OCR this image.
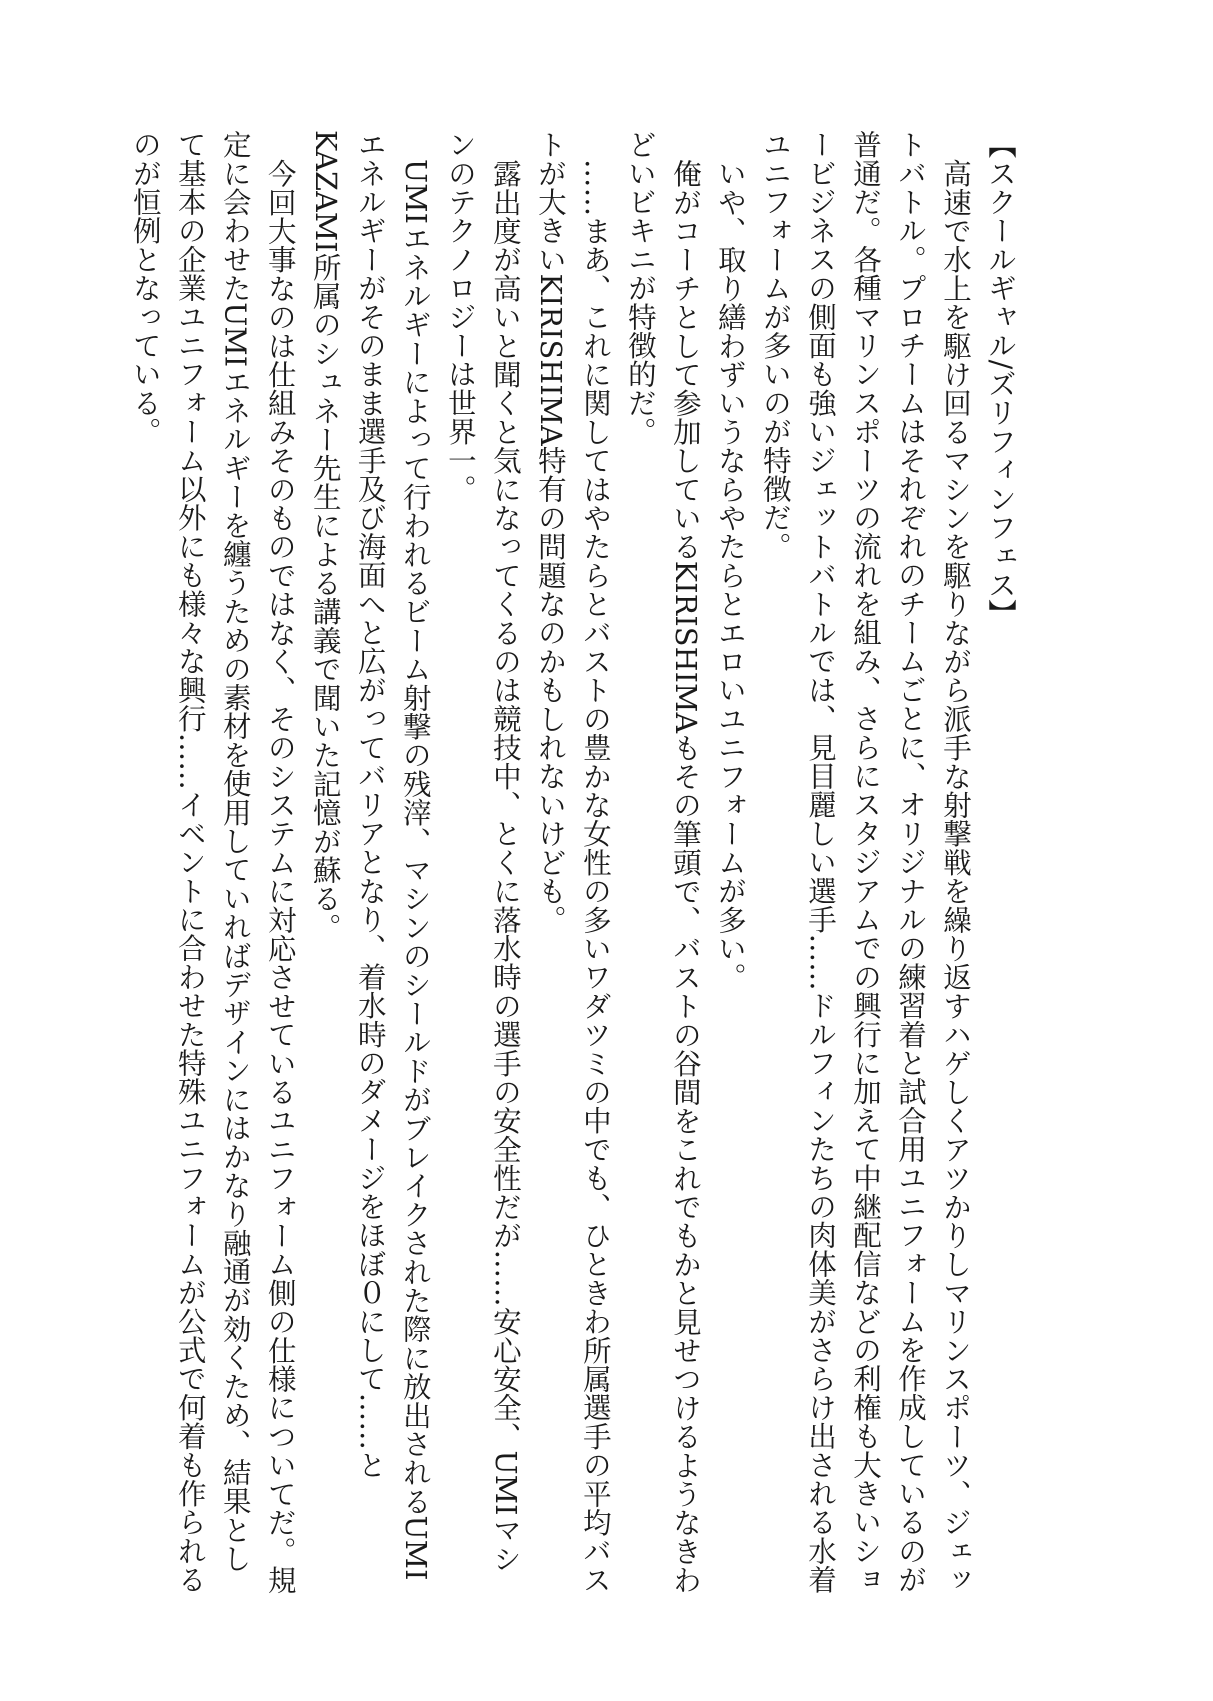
【スクールギャル/ズリフィンフェス】

高速で水上を駆け回るマシンを駆りながら派手な射撃戦を繰り返すハゲしくアツかりしマリンスポーツ、ジェットバトル。プロチームはそれぞれのチームごとに、オリジナルの練習着と試合用ユニフォームを作成しているのが普通だ。各種マリンスポーツの流れを組み、さらにスタジアムでの興行に加えて中継配信などの利権も大きいショービジネスの側面も強いジェットバトルでは、見目麗しい選手……ドルフィンたちの肉体美がさらけ出される水着ユニフォームが多いのが特徴だ。

いや、取り繕わずいうならやたらとエロいユニフォームが多い。

俺がコーチとして参加しているKIRISHIMAもその筆頭で、バストの谷間をこれでもかと見せつけるようなきわどいビキニが特徴的だ。

……まあ、これに関してはやたらとバストの豊かな女性の多いワダツミの中でも、ひときわ所属選手の平均バストが大きいKIRISHIMA特有の問題なのかもしれないけども。

露出度が高いと聞くと気になってくるのは競技中、とくに落水時の選手の安全性だが……安心安全、UMIマシンのテクノロジーは世界一。

UMIエネルギーによって行われるビーム射撃の残滓、マシンのシールドがブレイクされた際に放出されるUMIエネルギーがそのまま選手及び海面へと広がってバリアとなり、着水時のダメージをほぼ０にして……とKAZAMI所属のシュネー先生による講義で聞いた記憶が蘇る。

今回大事なのは仕組みそのものではなく、そのシステムに対応させているユニフォーム側の仕様についてだ。規定に会わせたUMIエネルギーを纏うための素材を使用していればデザインにはかなり融通が効くため、結果として基本の企業ユニフォーム以外にも様々な興行……イベントに合わせた特殊ユニフォームが公式で何着も作られるのが恒例となっている。
